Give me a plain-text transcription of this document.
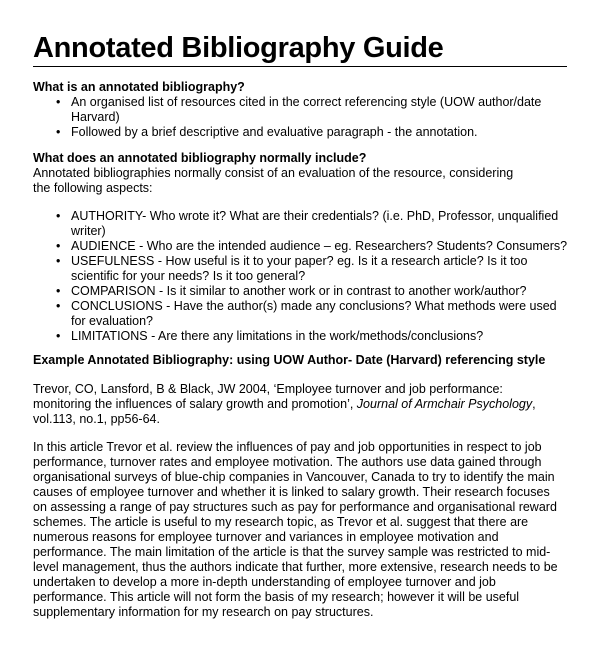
Annotated Bibliography Guide

What is an annotated bibliography?

• An organised list of resources cited in the correct referencing style (UOW author/date Harvard)
• Followed by a brief descriptive and evaluative paragraph - the annotation.

What does an annotated bibliography normally include?

Annotated bibliographies normally consist of an evaluation of the resource, considering the following aspects:

• AUTHORITY- Who wrote it? What are their credentials? (i.e. PhD, Professor, unqualified writer)
• AUDIENCE - Who are the intended audience – eg. Researchers? Students? Consumers?
• USEFULNESS - How useful is it to your paper? eg. Is it a research article? Is it too scientific for your needs? Is it too general?
• COMPARISON - Is it similar to another work or in contrast to another work/author?
• CONCLUSIONS - Have the author(s) made any conclusions? What methods were used for evaluation?
• LIMITATIONS - Are there any limitations in the work/methods/conclusions?

Example Annotated Bibliography: using UOW Author- Date (Harvard) referencing style

Trevor, CO, Lansford, B & Black, JW 2004, ‘Employee turnover and job performance: monitoring the influences of salary growth and promotion’, Journal of Armchair Psychology, vol.113, no.1, pp56-64.

In this article Trevor et al. review the influences of pay and job opportunities in respect to job performance, turnover rates and employee motivation. The authors use data gained through organisational surveys of blue-chip companies in Vancouver, Canada to try to identify the main causes of employee turnover and whether it is linked to salary growth. Their research focuses on assessing a range of pay structures such as pay for performance and organisational reward schemes. The article is useful to my research topic, as Trevor et al. suggest that there are numerous reasons for employee turnover and variances in employee motivation and performance. The main limitation of the article is that the survey sample was restricted to mid-level management, thus the authors indicate that further, more extensive, research needs to be undertaken to develop a more in-depth understanding of employee turnover and job performance. This article will not form the basis of my research; however it will be useful supplementary information for my research on pay structures.
